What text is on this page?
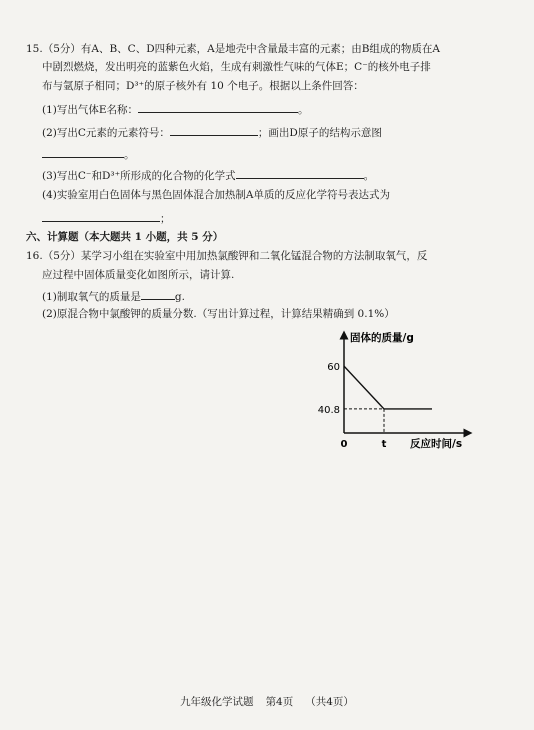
15.（5分）有A、B、C、D四种元素，A是地壳中含量最丰富的元素；由B组成的物质在A
中剧烈燃烧，发出明亮的蓝紫色火焰，生成有刺激性气味的气体E；C⁻的核外电子排
布与氩原子相同；D³⁺的原子核外有 10 个电子。根据以上条件回答：
(1)写出气体E名称：	。
(2)写出C元素的元素符号：	；画出D原子的结构示意图
。
(3)写出C⁻和D³⁺所形成的化合物的化学式	。
(4)实验室用白色固体与黑色固体混合加热制A单质的反应化学符号表达式为
；
六、计算题（本大题共 1 小题，共 5 分）
16.（5分）某学习小组在实验室中用加热氯酸钾和二氧化锰混合物的方法制取氧气，反
应过程中固体质量变化如图所示，请计算.
(1)制取氧气的质量是	g.
(2)原混合物中氯酸钾的质量分数.（写出计算过程，计算结果精确到 0.1%）
固体的质量/g
反应时间/s
60
40.8
0	t
九年级化学试题 第4页 （共4页）
